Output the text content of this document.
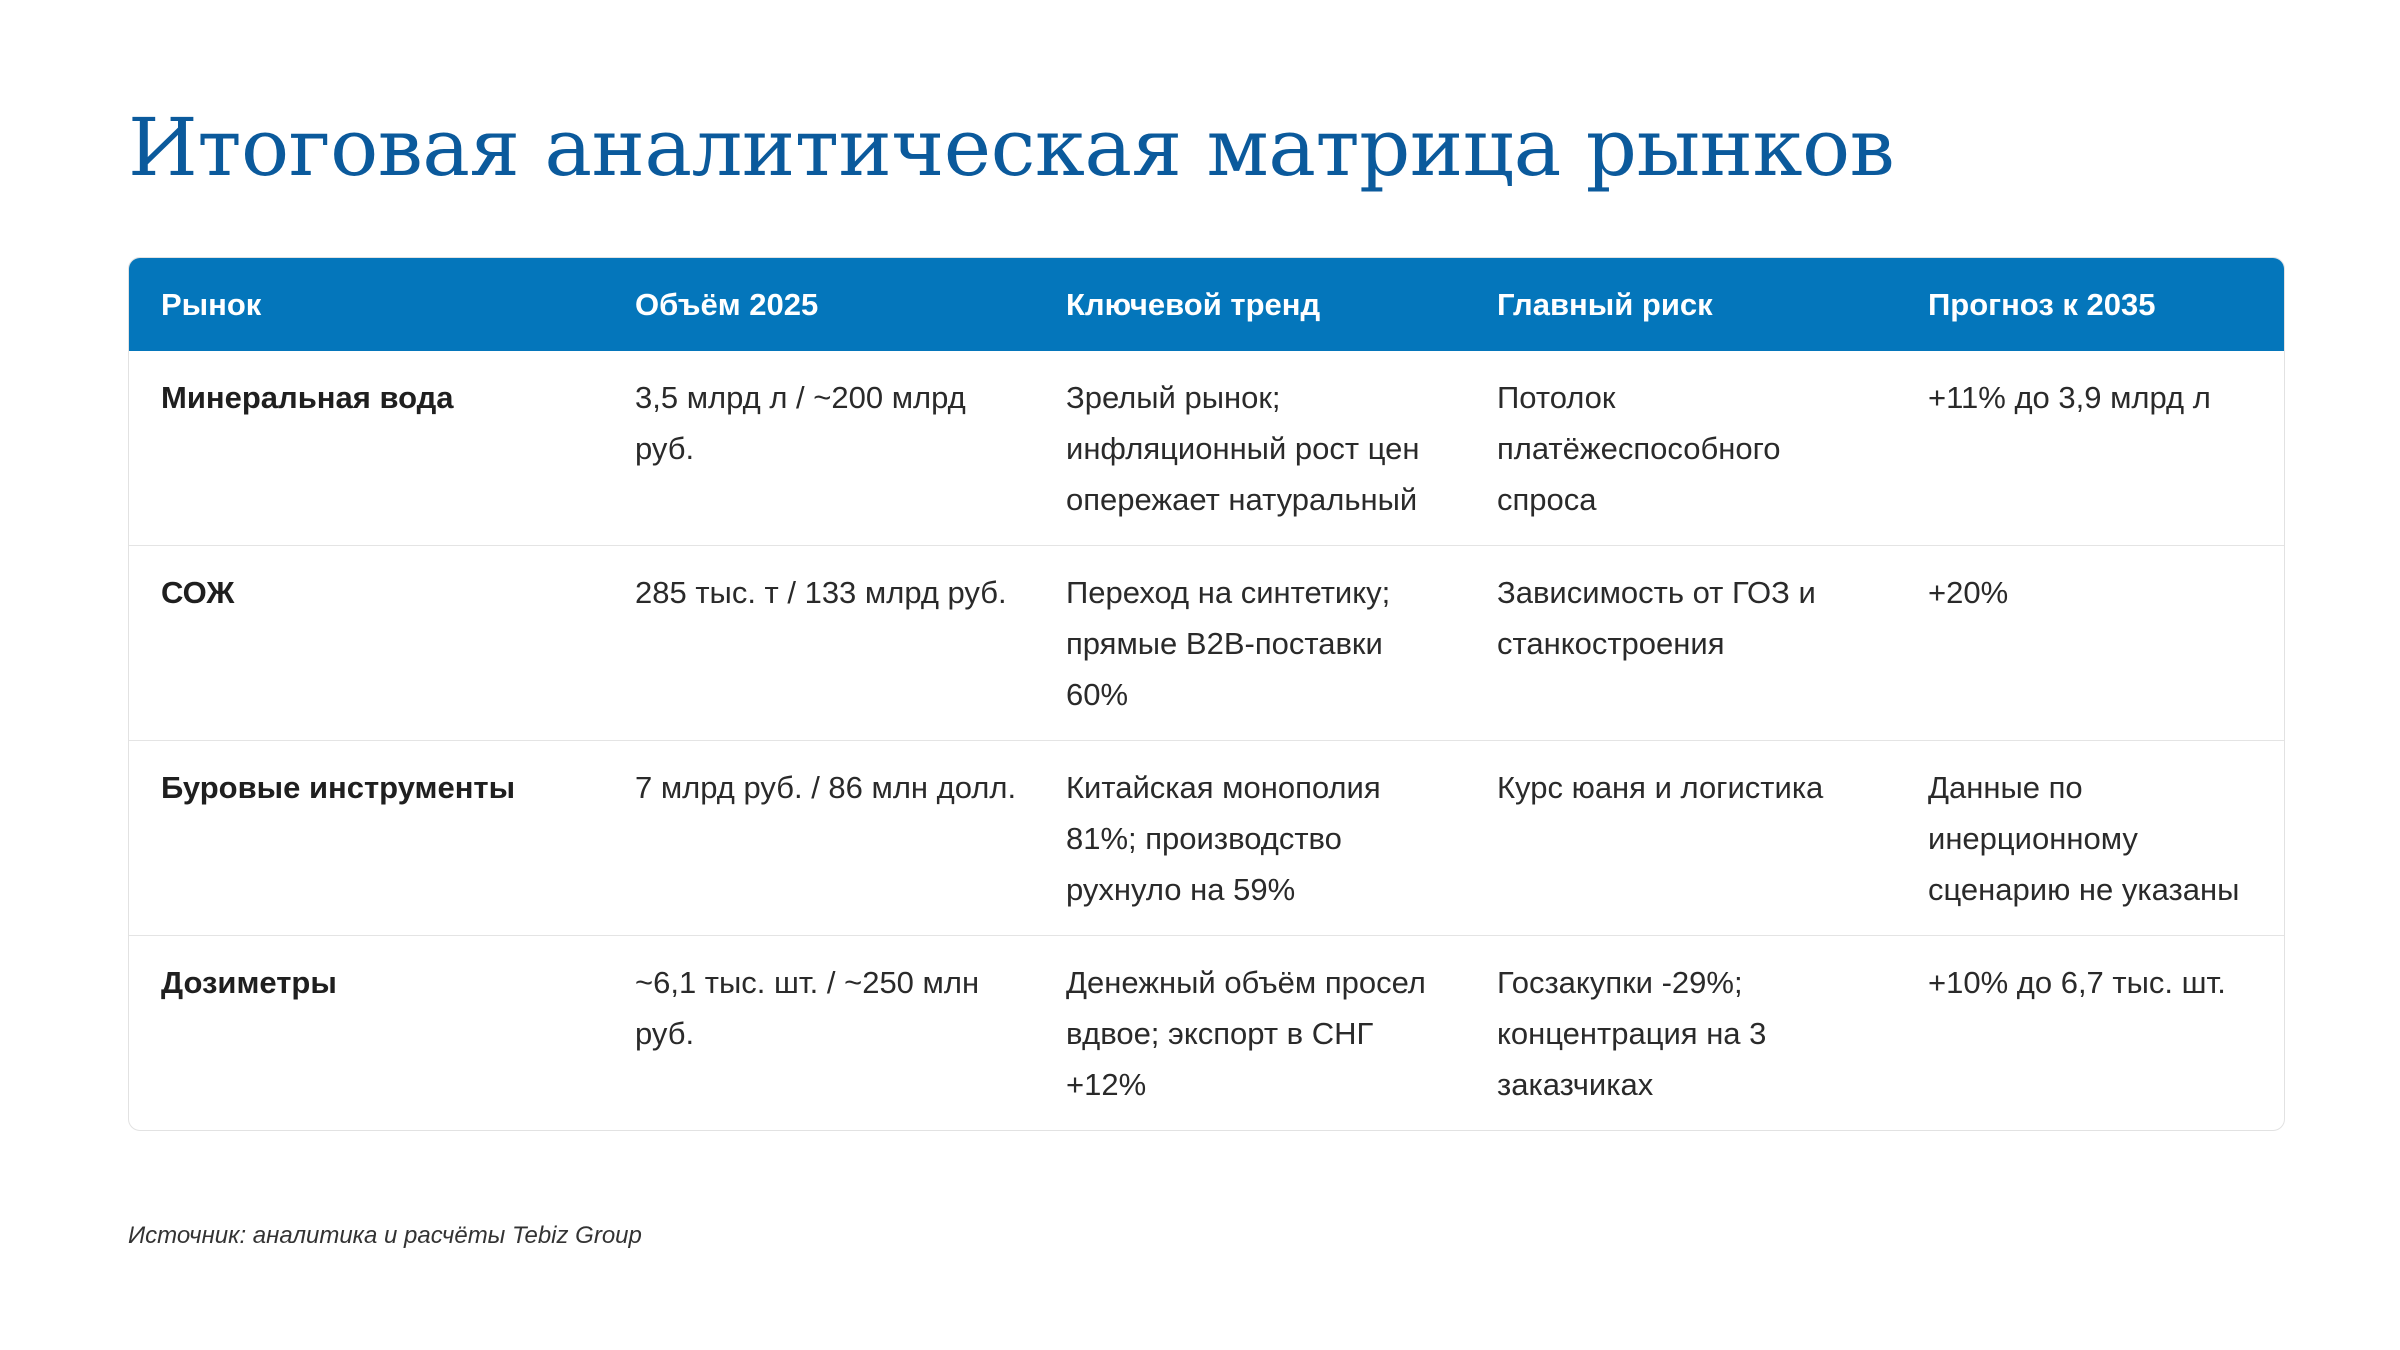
Итоговая аналитическая матрица рынков
Рынок	Объём 2025	Ключевой тренд	Главный риск	Прогноз к 2035
Минеральная вода	3,5 млрд л / ~200 млрд руб.	Зрелый рынок; инфляционный рост цен опережает натуральный	Потолок платёжеспособного спроса	+11% до 3,9 млрд л
СОЖ	285 тыс. т / 133 млрд руб.	Переход на синтетику; прямые B2B-поставки 60%	Зависимость от ГОЗ и станкостроения	+20%
Буровые инструменты	7 млрд руб. / 86 млн долл.	Китайская монополия 81%; производство рухнуло на 59%	Курс юаня и логистика	Данные по инерционному сценарию не указаны
Дозиметры	~6,1 тыс. шт. / ~250 млн руб.	Денежный объём просел вдвое; экспорт в СНГ +12%	Госзакупки -29%; концентрация на 3 заказчиках	+10% до 6,7 тыс. шт.
Источник: аналитика и расчёты Tebiz Group
